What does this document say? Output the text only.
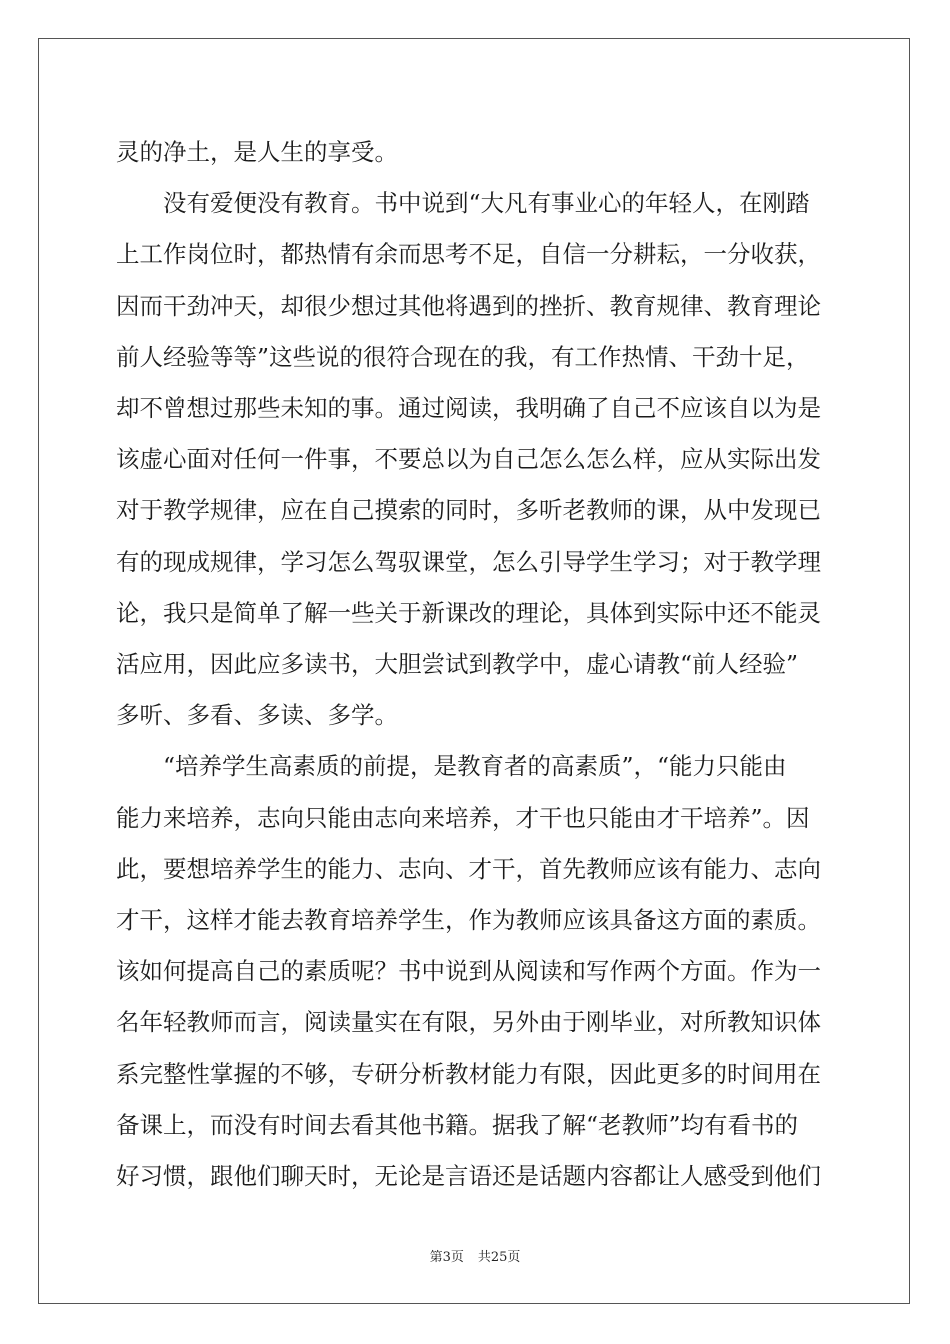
灵的净土，是人生的享受。
　　没有爱便没有教育。书中说到“大凡有事业心的年轻人，在刚踏
上工作岗位时，都热情有余而思考不足，自信一分耕耘，一分收获，
因而干劲冲天，却很少想过其他将遇到的挫折、教育规律、教育理论
前人经验等等”这些说的很符合现在的我，有工作热情、干劲十足，
却不曾想过那些未知的事。通过阅读，我明确了自己不应该自以为是
该虚心面对任何一件事，不要总以为自己怎么怎么样，应从实际出发
对于教学规律，应在自己摸索的同时，多听老教师的课，从中发现已
有的现成规律，学习怎么驾驭课堂，怎么引导学生学习；对于教学理
论，我只是简单了解一些关于新课改的理论，具体到实际中还不能灵
活应用，因此应多读书，大胆尝试到教学中，虚心请教“前人经验”
多听、多看、多读、多学。
　　“培养学生高素质的前提，是教育者的高素质”，“能力只能由
能力来培养，志向只能由志向来培养，才干也只能由才干培养”。因
此，要想培养学生的能力、志向、才干，首先教师应该有能力、志向
才干，这样才能去教育培养学生，作为教师应该具备这方面的素质。
该如何提高自己的素质呢？书中说到从阅读和写作两个方面。作为一
名年轻教师而言，阅读量实在有限，另外由于刚毕业，对所教知识体
系完整性掌握的不够，专研分析教材能力有限，因此更多的时间用在
备课上，而没有时间去看其他书籍。据我了解“老教师”均有看书的
好习惯，跟他们聊天时，无论是言语还是话题内容都让人感受到他们
第3页 共25页
